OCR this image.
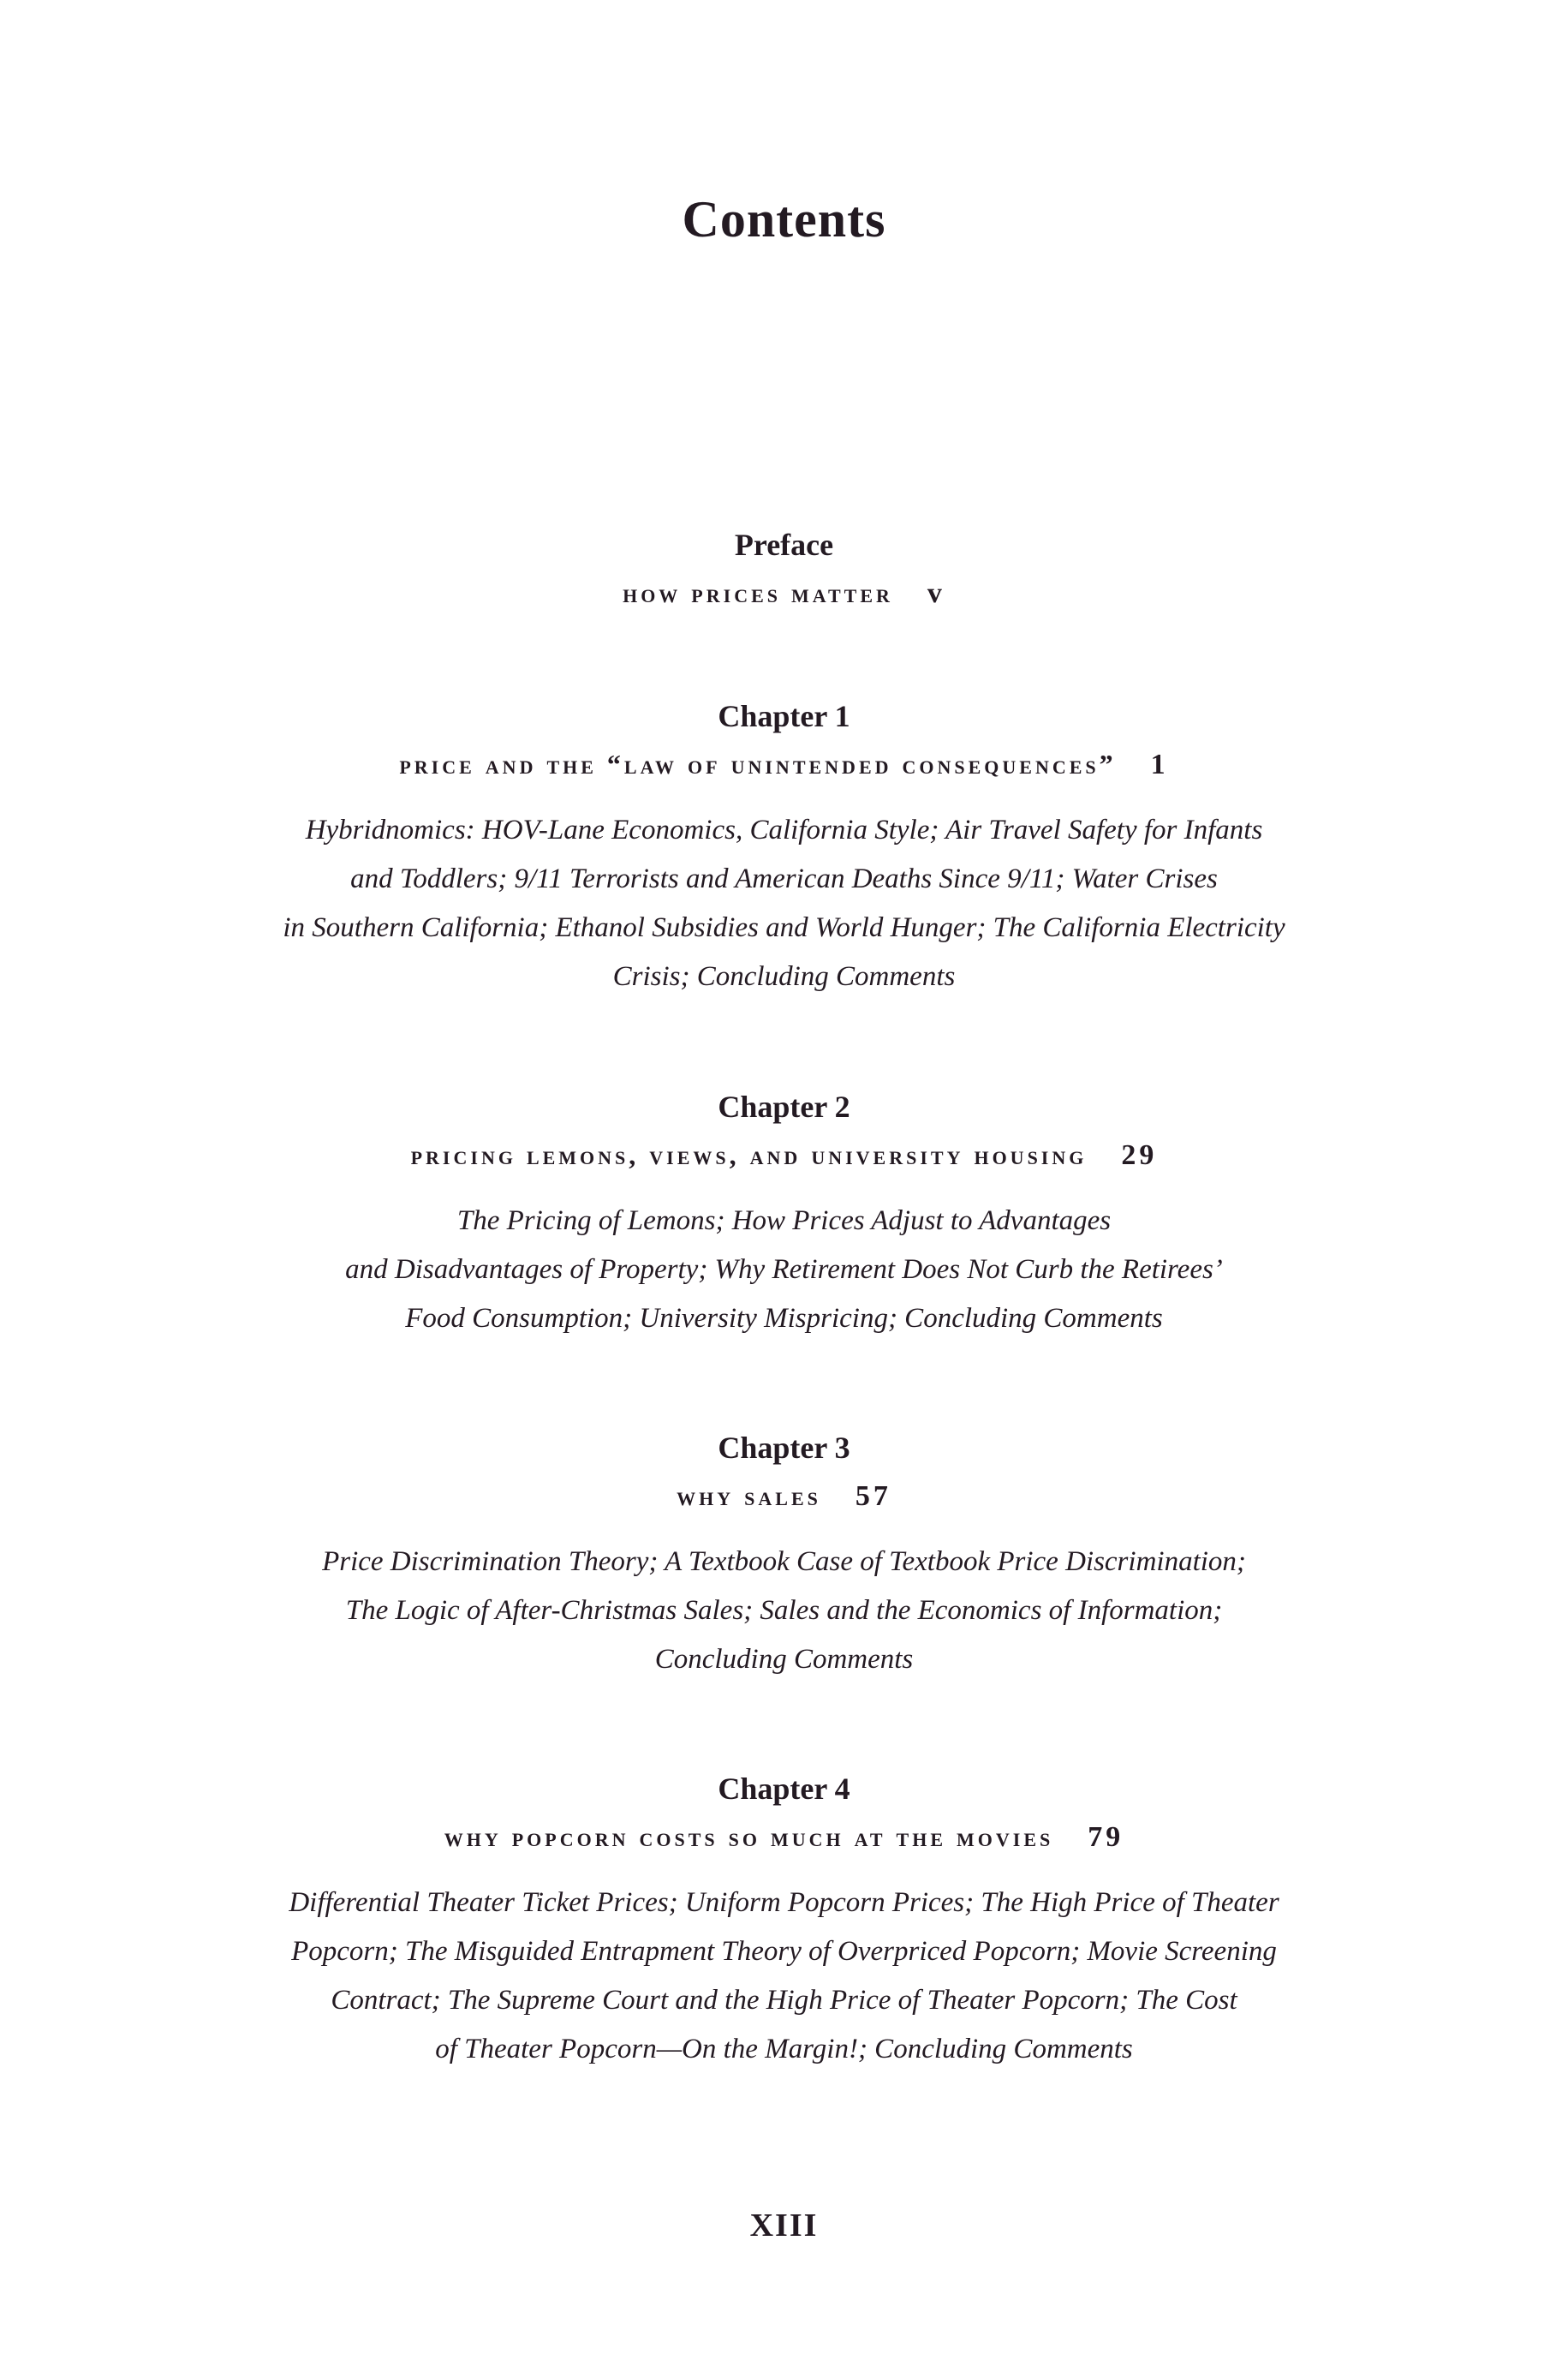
Contents
Preface
how prices matter v
Chapter 1
price and the “law of unintended consequences” 1
Hybridnomics: HOV-Lane Economics, California Style; Air Travel Safety for Infants
and Toddlers; 9/11 Terrorists and American Deaths Since 9/11; Water Crises
in Southern California; Ethanol Subsidies and World Hunger; The California Electricity
Crisis; Concluding Comments
Chapter 2
pricing lemons, views, and university housing 29
The Pricing of Lemons; How Prices Adjust to Advantages
and Disadvantages of Property; Why Retirement Does Not Curb the Retirees’
Food Consumption; University Mispricing; Concluding Comments
Chapter 3
why sales 57
Price Discrimination Theory; A Textbook Case of Textbook Price Discrimination;
The Logic of After-Christmas Sales; Sales and the Economics of Information;
Concluding Comments
Chapter 4
why popcorn costs so much at the movies 79
Differential Theater Ticket Prices; Uniform Popcorn Prices; The High Price of Theater
Popcorn; The Misguided Entrapment Theory of Overpriced Popcorn; Movie Screening
Contract; The Supreme Court and the High Price of Theater Popcorn; The Cost
of Theater Popcorn—On the Margin!; Concluding Comments
XIII
